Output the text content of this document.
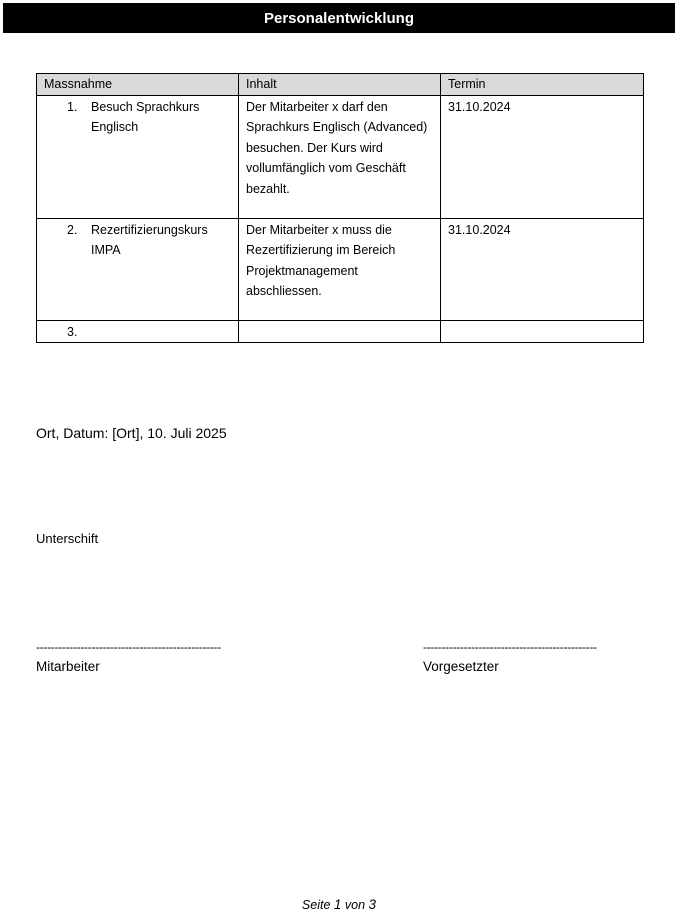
Personalentwicklung
Massnahme	Inhalt	Termin

1. Besuch Sprachkurs Englisch	Der Mitarbeiter x darf den Sprachkurs Englisch (Advanced) besuchen. Der Kurs wird vollumfänglich vom Geschäft bezahlt.	31.10.2024

2. Rezertifizierungskurs IMPA	Der Mitarbeiter x muss die Rezertifizierung im Bereich Projektmanagement abschliessen.	31.10.2024

3.		

Ort, Datum: [Ort], 10. Juli 2025
Unterschift
--------------------------------------------------	-----------------------------------------------
Mitarbeiter	Vorgesetzter
Seite 1 von 3
